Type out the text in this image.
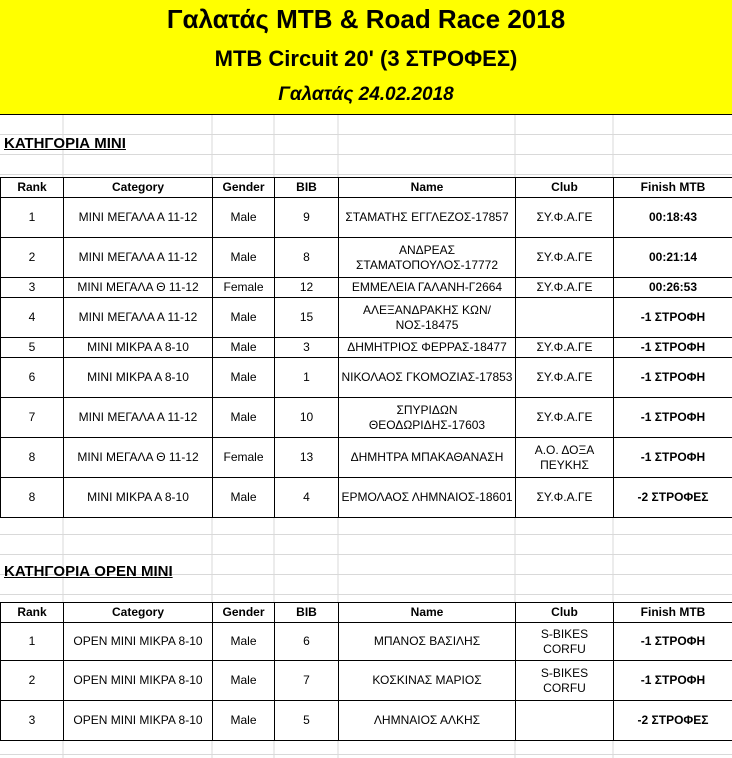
Γαλατάς MTB & Road Race 2018
MTB Circuit 20' (3 ΣΤΡΟΦΕΣ)
Γαλατάς 24.02.2018
ΚΑΤΗΓΟΡΙΑ MINI
Rank	Category	Gender	BIB	Name	Club	Finish MTB
1	MINI ΜΕΓΑΛΑ Α 11-12	Male	9	ΣΤΑΜΑΤΗΣ ΕΓΓΛΕΖΟΣ-17857	ΣΥ.Φ.Α.ΓΕ	00:18:43
2	MINI ΜΕΓΑΛΑ Α 11-12	Male	8	ΑΝΔΡΕΑΣ ΣΤΑΜΑΤΟΠΟΥΛΟΣ-17772	ΣΥ.Φ.Α.ΓΕ	00:21:14
3	MINI ΜΕΓΑΛΑ Θ 11-12	Female	12	ΕΜΜΕΛΕΙΑ ΓΑΛΑΝΗ-Γ2664	ΣΥ.Φ.Α.ΓΕ	00:26:53
4	MINI ΜΕΓΑΛΑ Α 11-12	Male	15	ΑΛΕΞΑΝΔΡΑΚΗΣ ΚΩΝ/ΝΟΣ-18475		-1 ΣΤΡΟΦΗ
5	MINI ΜΙΚΡΑ Α 8-10	Male	3	ΔΗΜΗΤΡΙΟΣ ΦΕΡΡΑΣ-18477	ΣΥ.Φ.Α.ΓΕ	-1 ΣΤΡΟΦΗ
6	MINI ΜΙΚΡΑ Α 8-10	Male	1	ΝΙΚΟΛΑΟΣ ΓΚΟΜΟΖΙΑΣ-17853	ΣΥ.Φ.Α.ΓΕ	-1 ΣΤΡΟΦΗ
7	MINI ΜΕΓΑΛΑ Α 11-12	Male	10	ΣΠΥΡΙΔΩΝ ΘΕΟΔΩΡΙΔΗΣ-17603	ΣΥ.Φ.Α.ΓΕ	-1 ΣΤΡΟΦΗ
8	MINI ΜΕΓΑΛΑ Θ 11-12	Female	13	ΔΗΜΗΤΡΑ ΜΠΑΚΑΘΑΝΑΣΗ	Α.Ο. ΔΟΞΑ ΠΕΥΚΗΣ	-1 ΣΤΡΟΦΗ
8	MINI ΜΙΚΡΑ Α 8-10	Male	4	ΕΡΜΟΛΑΟΣ ΛΗΜΝΑΙΟΣ-18601	ΣΥ.Φ.Α.ΓΕ	-2 ΣΤΡΟΦΕΣ
ΚΑΤΗΓΟΡΙΑ OPEN MINI
Rank	Category	Gender	BIB	Name	Club	Finish MTB
1	OPEN MINI ΜΙΚΡΑ 8-10	Male	6	ΜΠΑΝΟΣ ΒΑΣΙΛΗΣ	S-BIKES CORFU	-1 ΣΤΡΟΦΗ
2	OPEN MINI ΜΙΚΡΑ 8-10	Male	7	ΚΟΣΚΙΝΑΣ ΜΑΡΙΟΣ	S-BIKES CORFU	-1 ΣΤΡΟΦΗ
3	OPEN MINI ΜΙΚΡΑ 8-10	Male	5	ΛΗΜΝΑΙΟΣ ΑΛΚΗΣ		-2 ΣΤΡΟΦΕΣ
